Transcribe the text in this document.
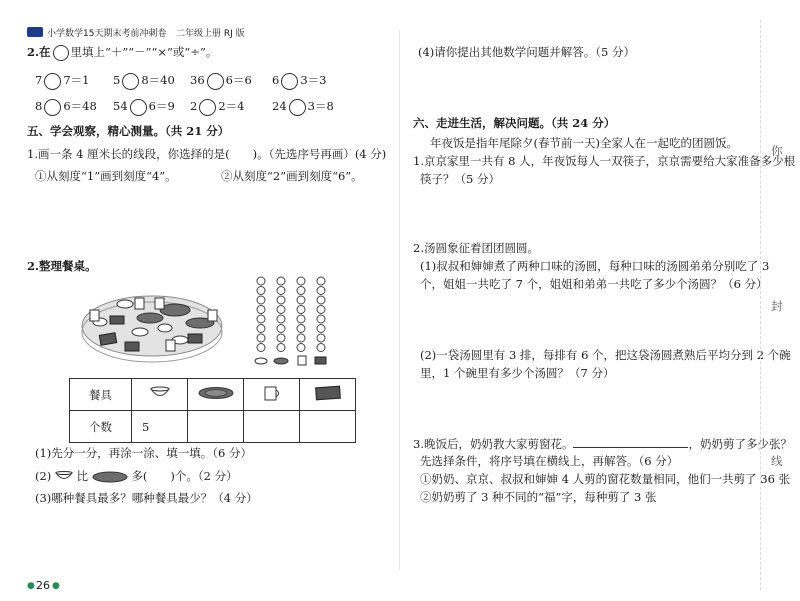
小学数学15天期末考前冲刺卷 二年级上册 RJ 版
2.在 里填上“＋”“－”“×”或“÷”。
7 7＝1 5 8＝40 36 6＝6 6 3＝3
8 6＝48 54 6＝9 2 2＝4 24 3＝8
五、学会观察，精心测量。（共 21 分）
1.画一条 4 厘米长的线段，你选择的是(　　)。（先选序号再画）(4 分)
①从刻度“1”画到刻度“4”。	②从刻度“2”画到刻度“6”。
2.整理餐桌。
餐具				
个数	5			
(1)先分一分，再涂一涂、填一填。（6 分）
(2) 比	多(　　)个。（2 分）
(3)哪种餐具最多？哪种餐具最少？（4 分）
(4)请你提出其他数学问题并解答。（5 分）
六、走进生活，解决问题。（共 24 分）
年夜饭是指年尾除夕(春节前一天)全家人在一起吃的团圆饭。
1.京京家里一共有 8 人，年夜饭每人一双筷子，京京需要给大家准备多少根
筷子？（5 分）
2.汤圆象征着团团圆圆。
(1)叔叔和婶婶煮了两种口味的汤圆，每种口味的汤圆弟弟分别吃了 3
个，姐姐一共吃了 7 个，姐姐和弟弟一共吃了多少个汤圆？（6 分）
(2)一袋汤圆里有 3 排，每排有 6 个，把这袋汤圆煮熟后平均分到 2 个碗
里，1 个碗里有多少个汤圆？（7 分）
3.晚饭后，奶奶教大家剪窗花。	，奶奶剪了多少张？
先选择条件，将序号填在横线上，再解答。（6 分）
①奶奶、京京、叔叔和婶婶 4 人剪的窗花数量相同，他们一共剪了 36 张
②奶奶剪了 3 种不同的“福”字，每种剪了 3 张
你
封
线
● 26 ●
